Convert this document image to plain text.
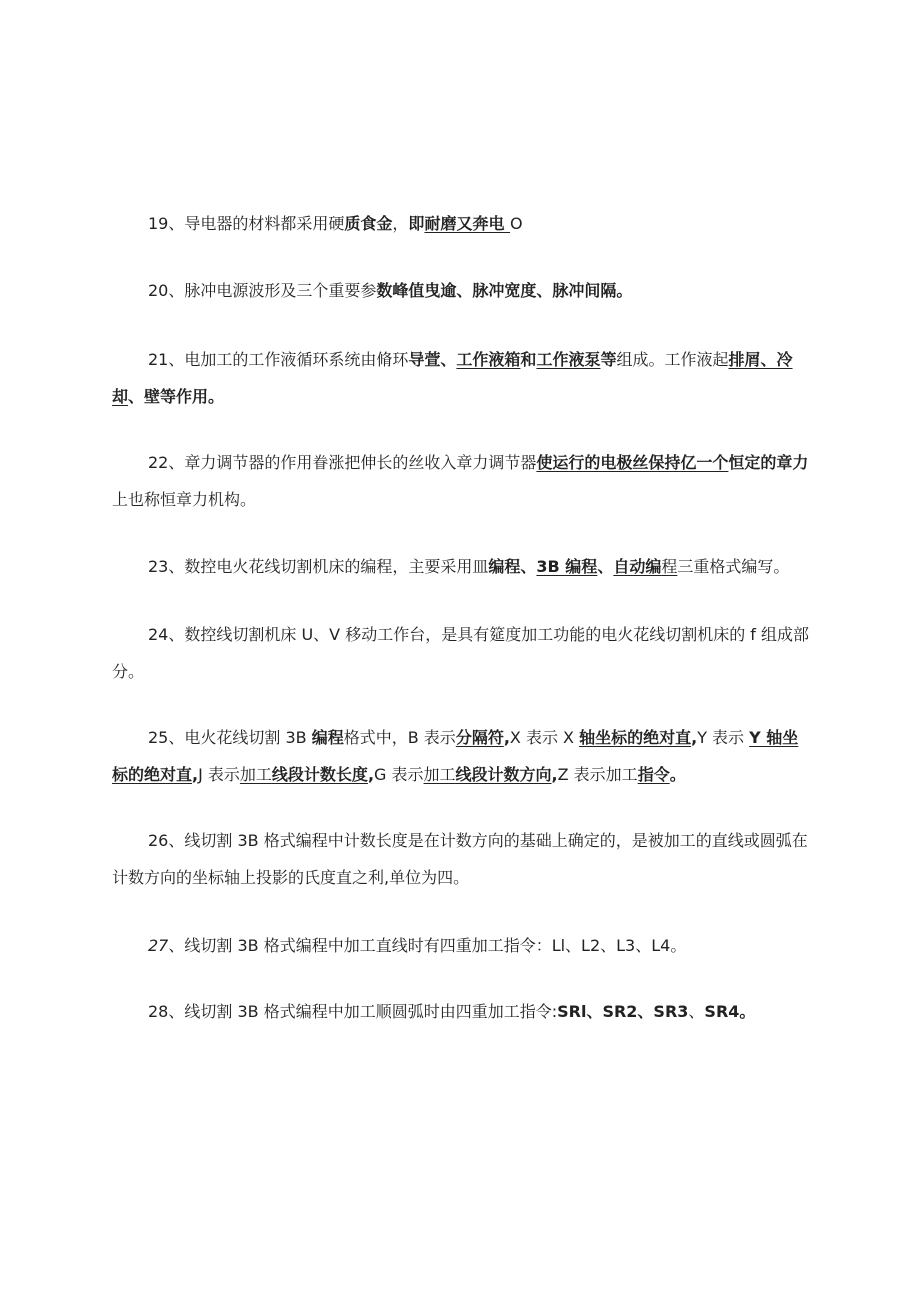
19、导电器的材料都采用硬质食金，即耐磨又奔电 O

20、脉冲电源波形及三个重要参数峰值曳逾、脉冲宽度、脉冲间隔。

21、电加工的工作液循环系统由脩环导萱、工作液箱和工作液泵等组成。工作液起排屑、冷却、壁等作用。

22、章力调节器的作用眷涨把伸长的丝收入章力调节器使运行的电极丝保持亿一个恒定的章力上也称恒章力机构。

23、数控电火花线切割机床的编程，主要采用皿编程、3B 编程、自动编程三重格式编写。

24、数控线切割机床 U、V 移动工作台，是具有筵度加工功能的电火花线切割机床的 f 组成部分。

25、电火花线切割 3B 编程格式中，B 表示分隔符,X 表示 X 轴坐标的绝对直,Y 表示 Y 轴坐标的绝对直,J 表示加工线段计数长度,G 表示加工线段计数方向,Z 表示加工指令。

26、线切割 3B 格式编程中计数长度是在计数方向的基础上确定的，是被加工的直线或圆弧在计数方向的坐标轴上投影的氏度直之利,单位为四。

27、线切割 3B 格式编程中加工直线时有四重加工指令：Ll、L2、L3、L4。

28、线切割 3B 格式编程中加工顺圆弧时由四重加工指令:SRl、SR2、SR3、SR4。
